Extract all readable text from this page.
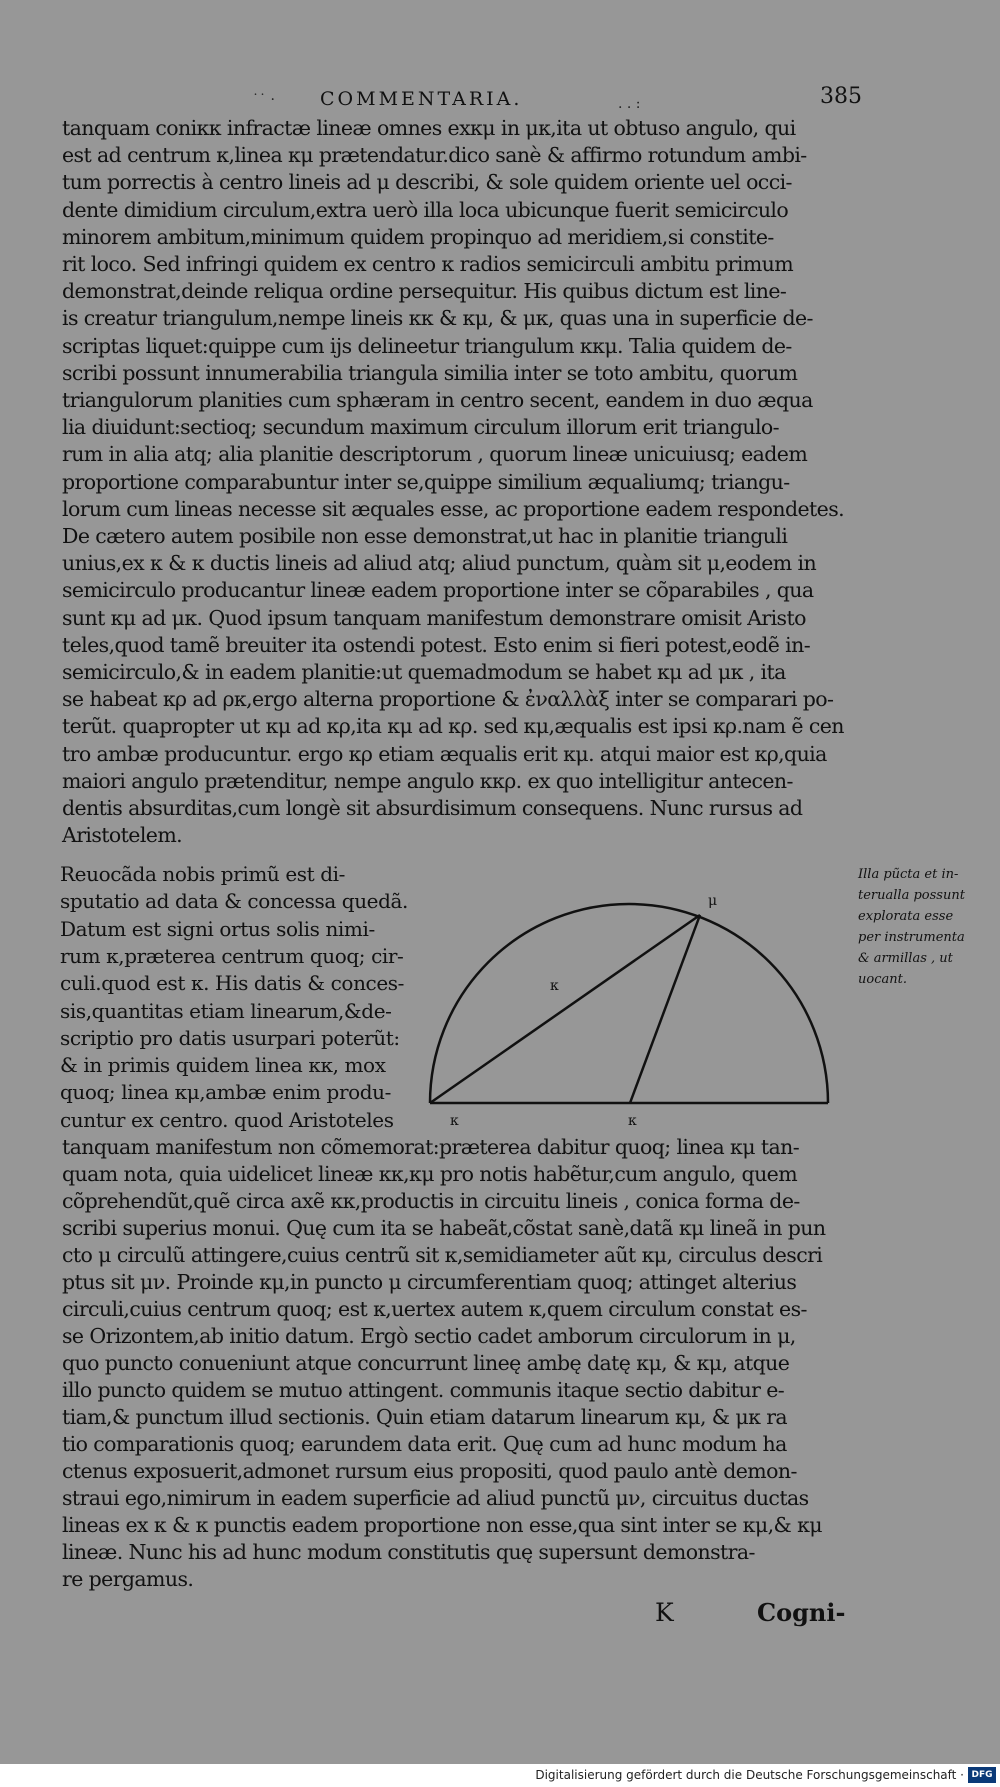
COMMENTARIA.	385
˙˙ ·	. . :
tanquam coniκκ infractæ lineæ omnes exκμ in μκ,ita ut obtuso angulo, qui
est ad centrum κ,linea κμ prætendatur.dico sanè & affirmo rotundum ambi-
tum porrectis à centro lineis ad μ describi, & sole quidem oriente uel occi-
dente dimidium circulum,extra uerò illa loca ubicunque fuerit semicirculo
minorem ambitum,minimum quidem propinquo ad meridiem,si constite-
rit loco. Sed infringi quidem ex centro κ radios semicirculi ambitu primum
demonstrat,deinde reliqua ordine persequitur. His quibus dictum est line-
is creatur triangulum,nempe lineis κκ & κμ, & μκ, quas una in superficie de-
scriptas liquet:quippe cum ijs delineetur triangulum κκμ. Talia quidem de-
scribi possunt innumerabilia triangula similia inter se toto ambitu, quorum
triangulorum planities cum sphæram in centro secent, eandem in duo æqua
lia diuidunt:sectioq; secundum maximum circulum illorum erit triangulo-
rum in alia atq; alia planitie descriptorum , quorum lineæ unicuiusq; eadem
proportione comparabuntur inter se,quippe similium æqualiumq; triangu-
lorum cum lineas necesse sit æquales esse, ac proportione eadem respondetes.
De cætero autem posibile non esse demonstrat,ut hac in planitie trianguli
unius,ex κ & κ ductis lineis ad aliud atq; aliud punctum, quàm sit μ,eodem in
semicirculo producantur lineæ eadem proportione inter se cõparabiles , qua
sunt κμ ad μκ. Quod ipsum tanquam manifestum demonstrare omisit Aristo
teles,quod tamẽ breuiter ita ostendi potest. Esto enim si fieri potest,eodẽ in-
semicirculo,& in eadem planitie:ut quemadmodum se habet κμ ad μκ , ita
se habeat κρ ad ρκ,ergo alterna proportione & ἐναλλὰξ inter se comparari po-
terũt. quapropter ut κμ ad κρ,ita κμ ad κρ. sed κμ,æqualis est ipsi κρ.nam ẽ cen
tro ambæ producuntur. ergo κρ etiam æqualis erit κμ. atqui maior est κρ,quia
maiori angulo prætenditur, nempe angulo κκρ. ex quo intelligitur antecen-
dentis absurditas,cum longè sit absurdisimum consequens. Nunc rursus ad
Aristotelem.
Reuocãda nobis primũ est di-
sputatio ad data & concessa quedã.
Datum est signi ortus solis nimi-
rum κ,præterea centrum quoq; cir-
culi.quod est κ. His datis & conces-
sis,quantitas etiam linearum,&de-
scriptio pro datis usurpari poterũt:
& in primis quidem linea κκ, mox
quoq; linea κμ,ambæ enim produ-
cuntur ex centro. quod Aristoteles
μ
κ	κ
κ
Illa pũcta et in-
terualla possunt
explorata esse
per instrumenta
& armillas , ut
uocant.
tanquam manifestum non cõmemorat:præterea dabitur quoq; linea κμ tan-
quam nota, quia uidelicet lineæ κκ,κμ pro notis habẽtur,cum angulo, quem
cõprehendũt,quẽ circa axẽ κκ,productis in circuitu lineis , conica forma de-
scribi superius monui. Quę cum ita se habeãt,cõstat sanè,datã κμ lineã in pun
cto μ circulũ attingere,cuius centrũ sit κ,semidiameter aũt κμ, circulus descri
ptus sit μν. Proinde κμ,in puncto μ circumferentiam quoq; attinget alterius
circuli,cuius centrum quoq; est κ,uertex autem κ,quem circulum constat es-
se Orizontem,ab initio datum. Ergò sectio cadet amborum circulorum in μ,
quo puncto conueniunt atque concurrunt lineę ambę datę κμ, & κμ, atque
illo puncto quidem se mutuo attingent. communis itaque sectio dabitur e-
tiam,& punctum illud sectionis. Quin etiam datarum linearum κμ, & μκ ra
tio comparationis quoq; earundem data erit. Quę cum ad hunc modum ha
ctenus exposuerit,admonet rursum eius propositi, quod paulo antè demon-
straui ego,nimirum in eadem superficie ad aliud punctũ μν, circuitus ductas
lineas ex κ & κ punctis eadem proportione non esse,qua sint inter se κμ,& κμ
lineæ. Nunc his ad hunc modum constitutis quę supersunt demonstra-
re pergamus.
K	Cogni-
Digitalisierung gefördert durch die Deutsche Forschungsgemeinschaft · DFG
